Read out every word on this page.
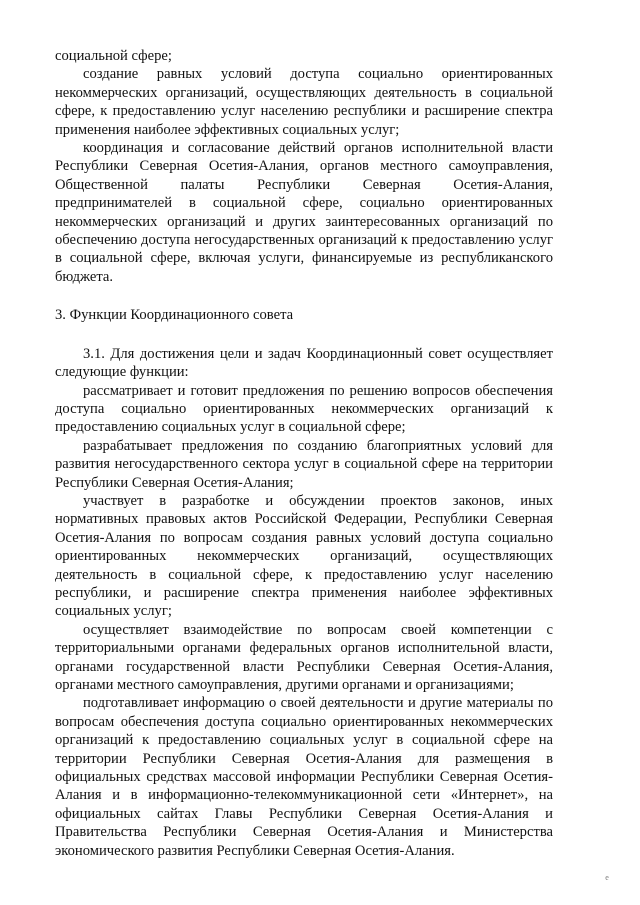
социальной сфере;

создание равных условий доступа социально ориентированных некоммерческих организаций, осуществляющих деятельность в социальной сфере, к предоставлению услуг населению республики и расширение спектра применения наиболее эффективных социальных услуг;

координация и согласование действий органов исполнительной власти Республики Северная Осетия-Алания, органов местного самоуправления, Общественной палаты Республики Северная Осетия-Алания, предпринимателей в социальной сфере, социально ориентированных некоммерческих организаций и других заинтересованных организаций по обеспечению доступа негосударственных организаций к предоставлению услуг в социальной сфере, включая услуги, финансируемые из республиканского бюджета.

3. Функции Координационного совета

3.1. Для достижения цели и задач Координационный совет осуществляет следующие функции:

рассматривает и готовит предложения по решению вопросов обеспечения доступа социально ориентированных некоммерческих организаций к предоставлению социальных услуг в социальной сфере;

разрабатывает предложения по созданию благоприятных условий для развития негосударственного сектора услуг в социальной сфере на территории Республики Северная Осетия-Алания;

участвует в разработке и обсуждении проектов законов, иных нормативных правовых актов Российской Федерации, Республики Северная Осетия-Алания по вопросам создания равных условий доступа социально ориентированных некоммерческих организаций, осуществляющих деятельность в социальной сфере, к предоставлению услуг населению республики, и расширение спектра применения наиболее эффективных социальных услуг;

осуществляет взаимодействие по вопросам своей компетенции с территориальными органами федеральных органов исполнительной власти, органами государственной власти Республики Северная Осетия-Алания, органами местного самоуправления, другими органами и организациями;

подготавливает информацию о своей деятельности и другие материалы по вопросам обеспечения доступа социально ориентированных некоммерческих организаций к предоставлению социальных услуг в социальной сфере на территории Республики Северная Осетия-Алания для размещения в официальных средствах массовой информации Республики Северная Осетия-Алания и в информационно-телекоммуникационной сети «Интернет», на официальных сайтах Главы Республики Северная Осетия-Алания и Правительства Республики Северная Осетия-Алания и Министерства экономического развития Республики Северная Осетия-Алания.

e
